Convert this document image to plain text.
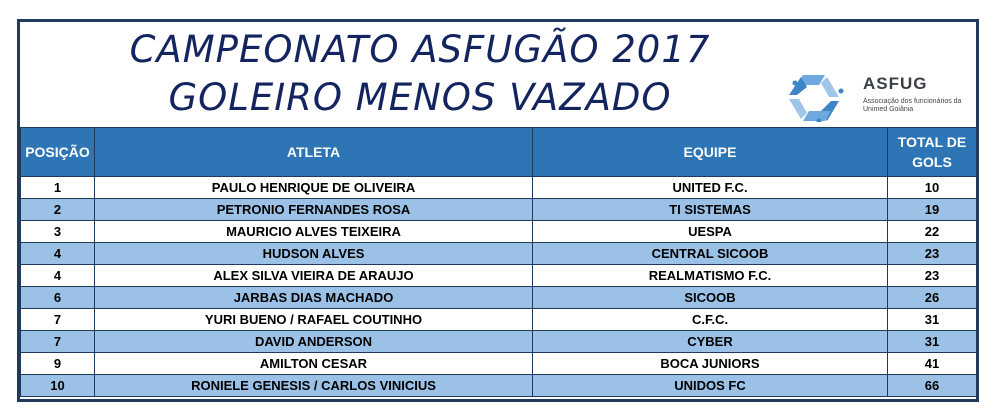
CAMPEONATO ASFUGÃO 2017
GOLEIRO MENOS VAZADO	ASFUG
Associação dos funcionários da Unimed Goiânia
POSIÇÃO	ATLETA	EQUIPE	TOTAL DE GOLS
1	PAULO HENRIQUE DE OLIVEIRA	UNITED F.C.	10
2	PETRONIO FERNANDES ROSA	TI SISTEMAS	19
3	MAURICIO ALVES TEIXEIRA	UESPA	22
4	HUDSON ALVES	CENTRAL SICOOB	23
4	ALEX SILVA VIEIRA DE ARAUJO	REALMATISMO F.C.	23
6	JARBAS DIAS MACHADO	SICOOB	26
7	YURI BUENO / RAFAEL COUTINHO	C.F.C.	31
7	DAVID ANDERSON	CYBER	31
9	AMILTON CESAR	BOCA JUNIORS	41
10	RONIELE GENESIS / CARLOS VINICIUS	UNIDOS FC	66
